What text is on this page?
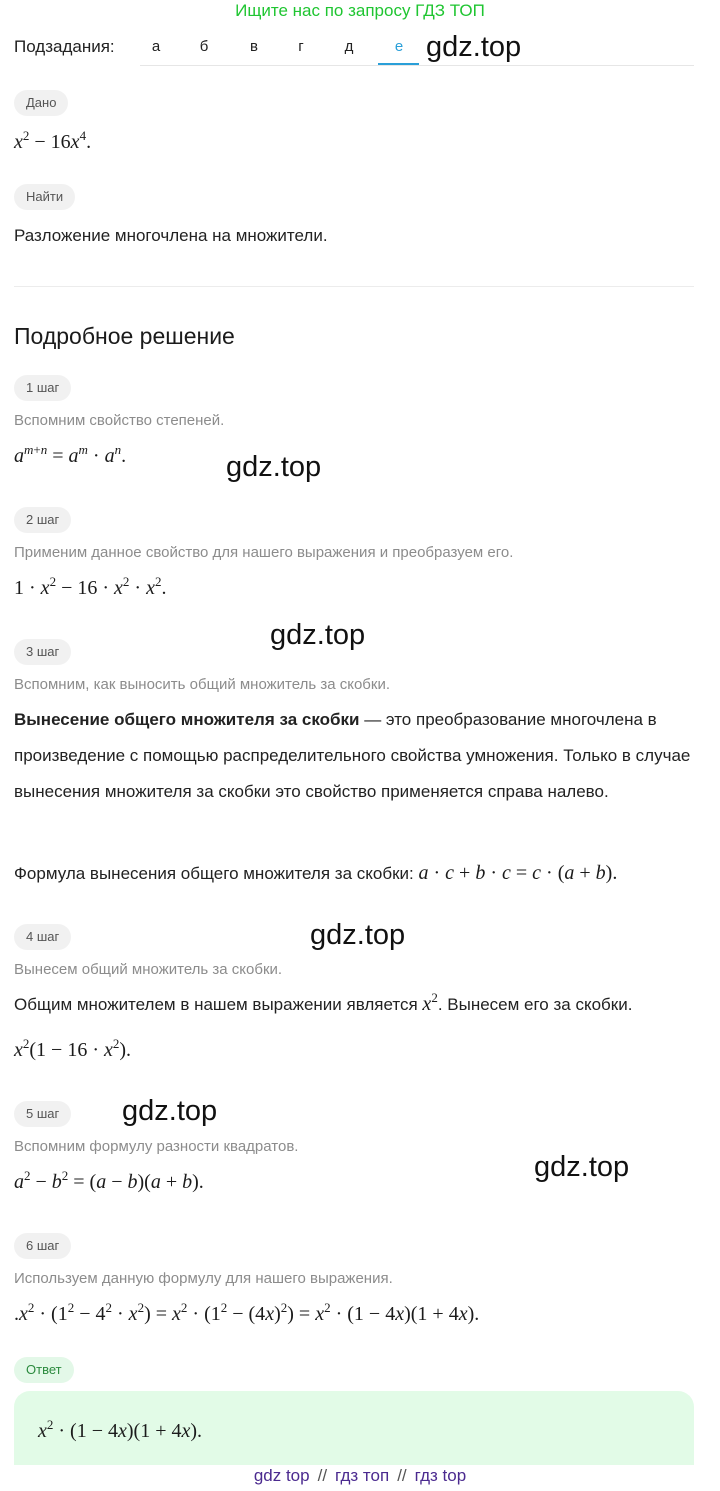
Ищите нас по запросу ГДЗ ТОП
Подзадания:	а	б	в	г	д	е gdz.top
gdz.top
gdz.top
gdz.top
gdz.top
gdz.top
Дано
$x^2 - 16x^4$.
Найти
Разложение многочлена на множители.
Подробное решение
1 шаг
Вспомним свойство степеней.
$a^{m+n} = a^m \cdot a^n$.
2 шаг
Применим данное свойство для нашего выражения и преобразуем его.
$1 \cdot x^2 - 16 \cdot x^2 \cdot x^2$.
3 шаг
Вспомним, как выносить общий множитель за скобки.
Вынесение общего множителя за скобки — это преобразование многочлена в произведение с помощью распределительного свойства умножения. Только в случае вынесения множителя за скобки это свойство применяется справа налево.
Формула вынесения общего множителя за скобки: a · c + b · c = c · (a + b).
4 шаг
Вынесем общий множитель за скобки.
Общим множителем в нашем выражении является $x^2$. Вынесем его за скобки.
$x^2(1 - 16 \cdot x^2)$.
5 шаг
Вспомним формулу разности квадратов.
$a^2 - b^2 = (a - b)(a + b)$.
6 шаг
Используем данную формулу для нашего выражения.
$.x^2 \cdot (1^2 - 4^2 \cdot x^2) = x^2 \cdot (1^2 - (4x)^2) = x^2 \cdot (1 - 4x)(1 + 4x)$.
Ответ
$x^2 \cdot (1 - 4x)(1 + 4x)$.
gdz top // гдз топ // гдз top
